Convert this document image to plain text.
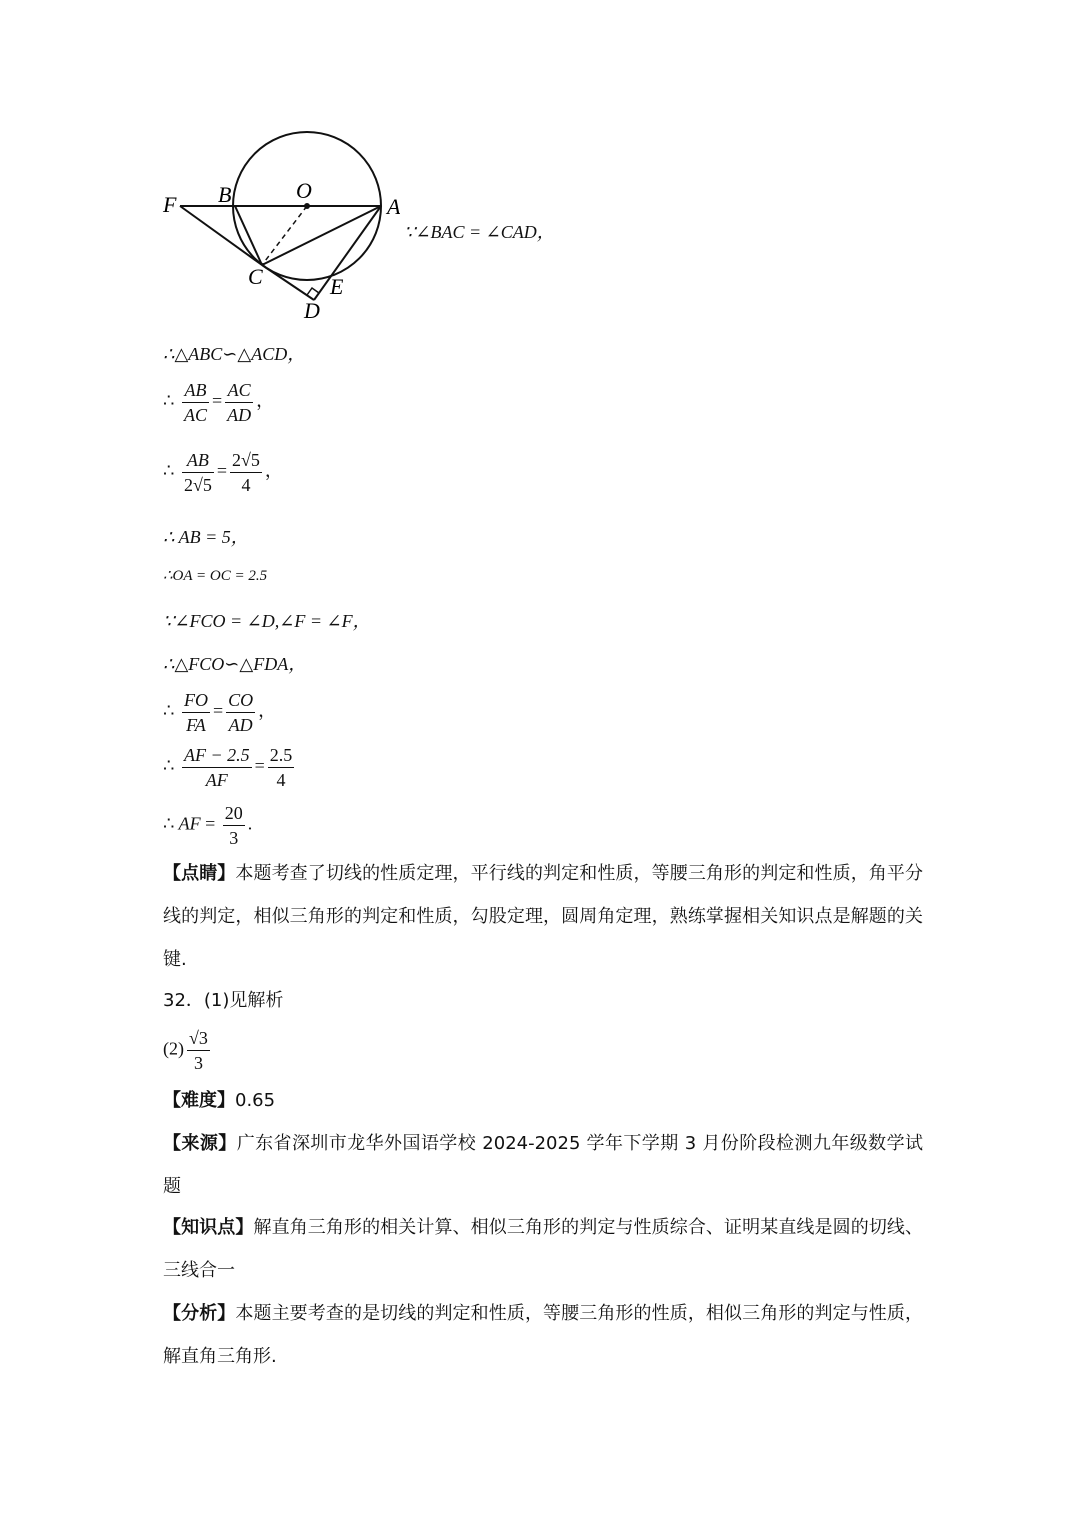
F B	O
A
C	E
D
∵∠BAC = ∠CAD，
∴△ABC∽△ACD，
∴ $\frac{AB}{AC} = \frac{AC}{AD}$ ，
∴ $\frac{AB}{2√5} = \frac{2√5}{4}$ ，
∴ AB = 5，
∴OA = OC = 2.5
∵∠FCO = ∠D,∠F = ∠F，
∴△FCO∽△FDA，
∴ $\frac{FO}{FA} = \frac{CO}{AD}$ ，
∴ $\frac{AF - 2.5}{AF} = \frac{2.5}{4}$
∴ AF = $\frac{20}{3}$ .
【点睛】本题考查了切线的性质定理，平行线的判定和性质，等腰三角形的判定和性质，角平分线的判定，相似三角形的判定和性质，勾股定理，圆周角定理，熟练掌握相关知识点是解题的关键.
32．(1)见解析
$(2) \frac{√3}{3}$
【难度】0.65
【来源】广东省深圳市龙华外国语学校 2024-2025 学年下学期 3 月份阶段检测九年级数学试题
【知识点】解直角三角形的相关计算、相似三角形的判定与性质综合、证明某直线是圆的切线、三线合一
【分析】本题主要考查的是切线的判定和性质，等腰三角形的性质，相似三角形的判定与性质，解直角三角形.
